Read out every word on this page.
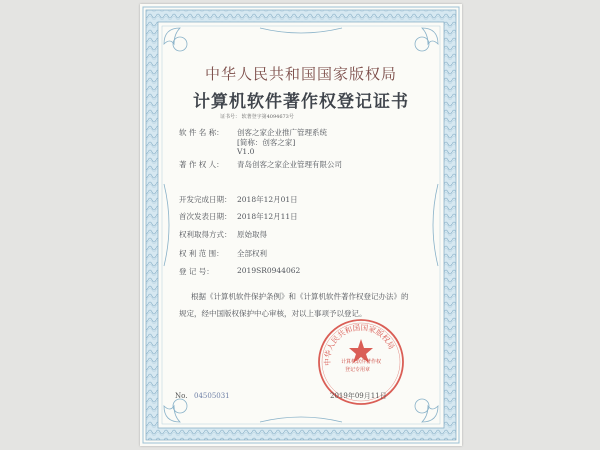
中华人民共和国国家版权局
计算机软件著作权登记证书
证书号： 软著登字第4094673号
软 件 名 称： 创客之家企业推广管理系统
[简称：创客之家]
V1.0
著 作 权 人： 青岛创客之家企业管理有限公司
开发完成日期： 2018年12月01日
首次发表日期： 2018年12月11日
权利取得方式： 原始取得
权 利 范 围： 全部权利
登 记 号：	2019SR0944062
根据《计算机软件保护条例》和《计算机软件著作权登记办法》的
规定，经中国版权保护中心审核，对以上事项予以登记。
中华人民共和国国家版权局
计算机软件著作权
登记专用章
No. 04505031	2019年09月11日
